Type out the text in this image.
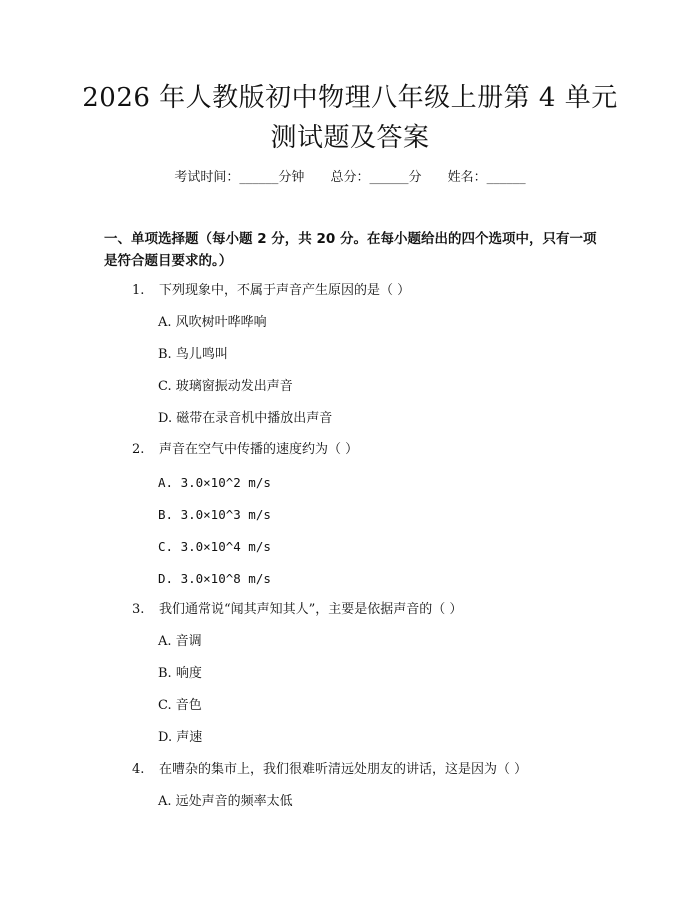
2026 年人教版初中物理八年级上册第 4 单元
测试题及答案
考试时间：______分钟 总分：______分 姓名：______
一、单项选择题（每小题 2 分，共 20 分。在每小题给出的四个选项中，只有一项
是符合题目要求的。）
1. 下列现象中，不属于声音产生原因的是（ ）
A. 风吹树叶哗哗响
B. 鸟儿鸣叫
C. 玻璃窗振动发出声音
D. 磁带在录音机中播放出声音
2. 声音在空气中传播的速度约为（ ）
A. 3.0×10^2 m/s
B. 3.0×10^3 m/s
C. 3.0×10^4 m/s
D. 3.0×10^8 m/s
3. 我们通常说“闻其声知其人”，主要是依据声音的（ ）
A. 音调
B. 响度
C. 音色
D. 声速
4. 在嘈杂的集市上，我们很难听清远处朋友的讲话，这是因为（ ）
A. 远处声音的频率太低
